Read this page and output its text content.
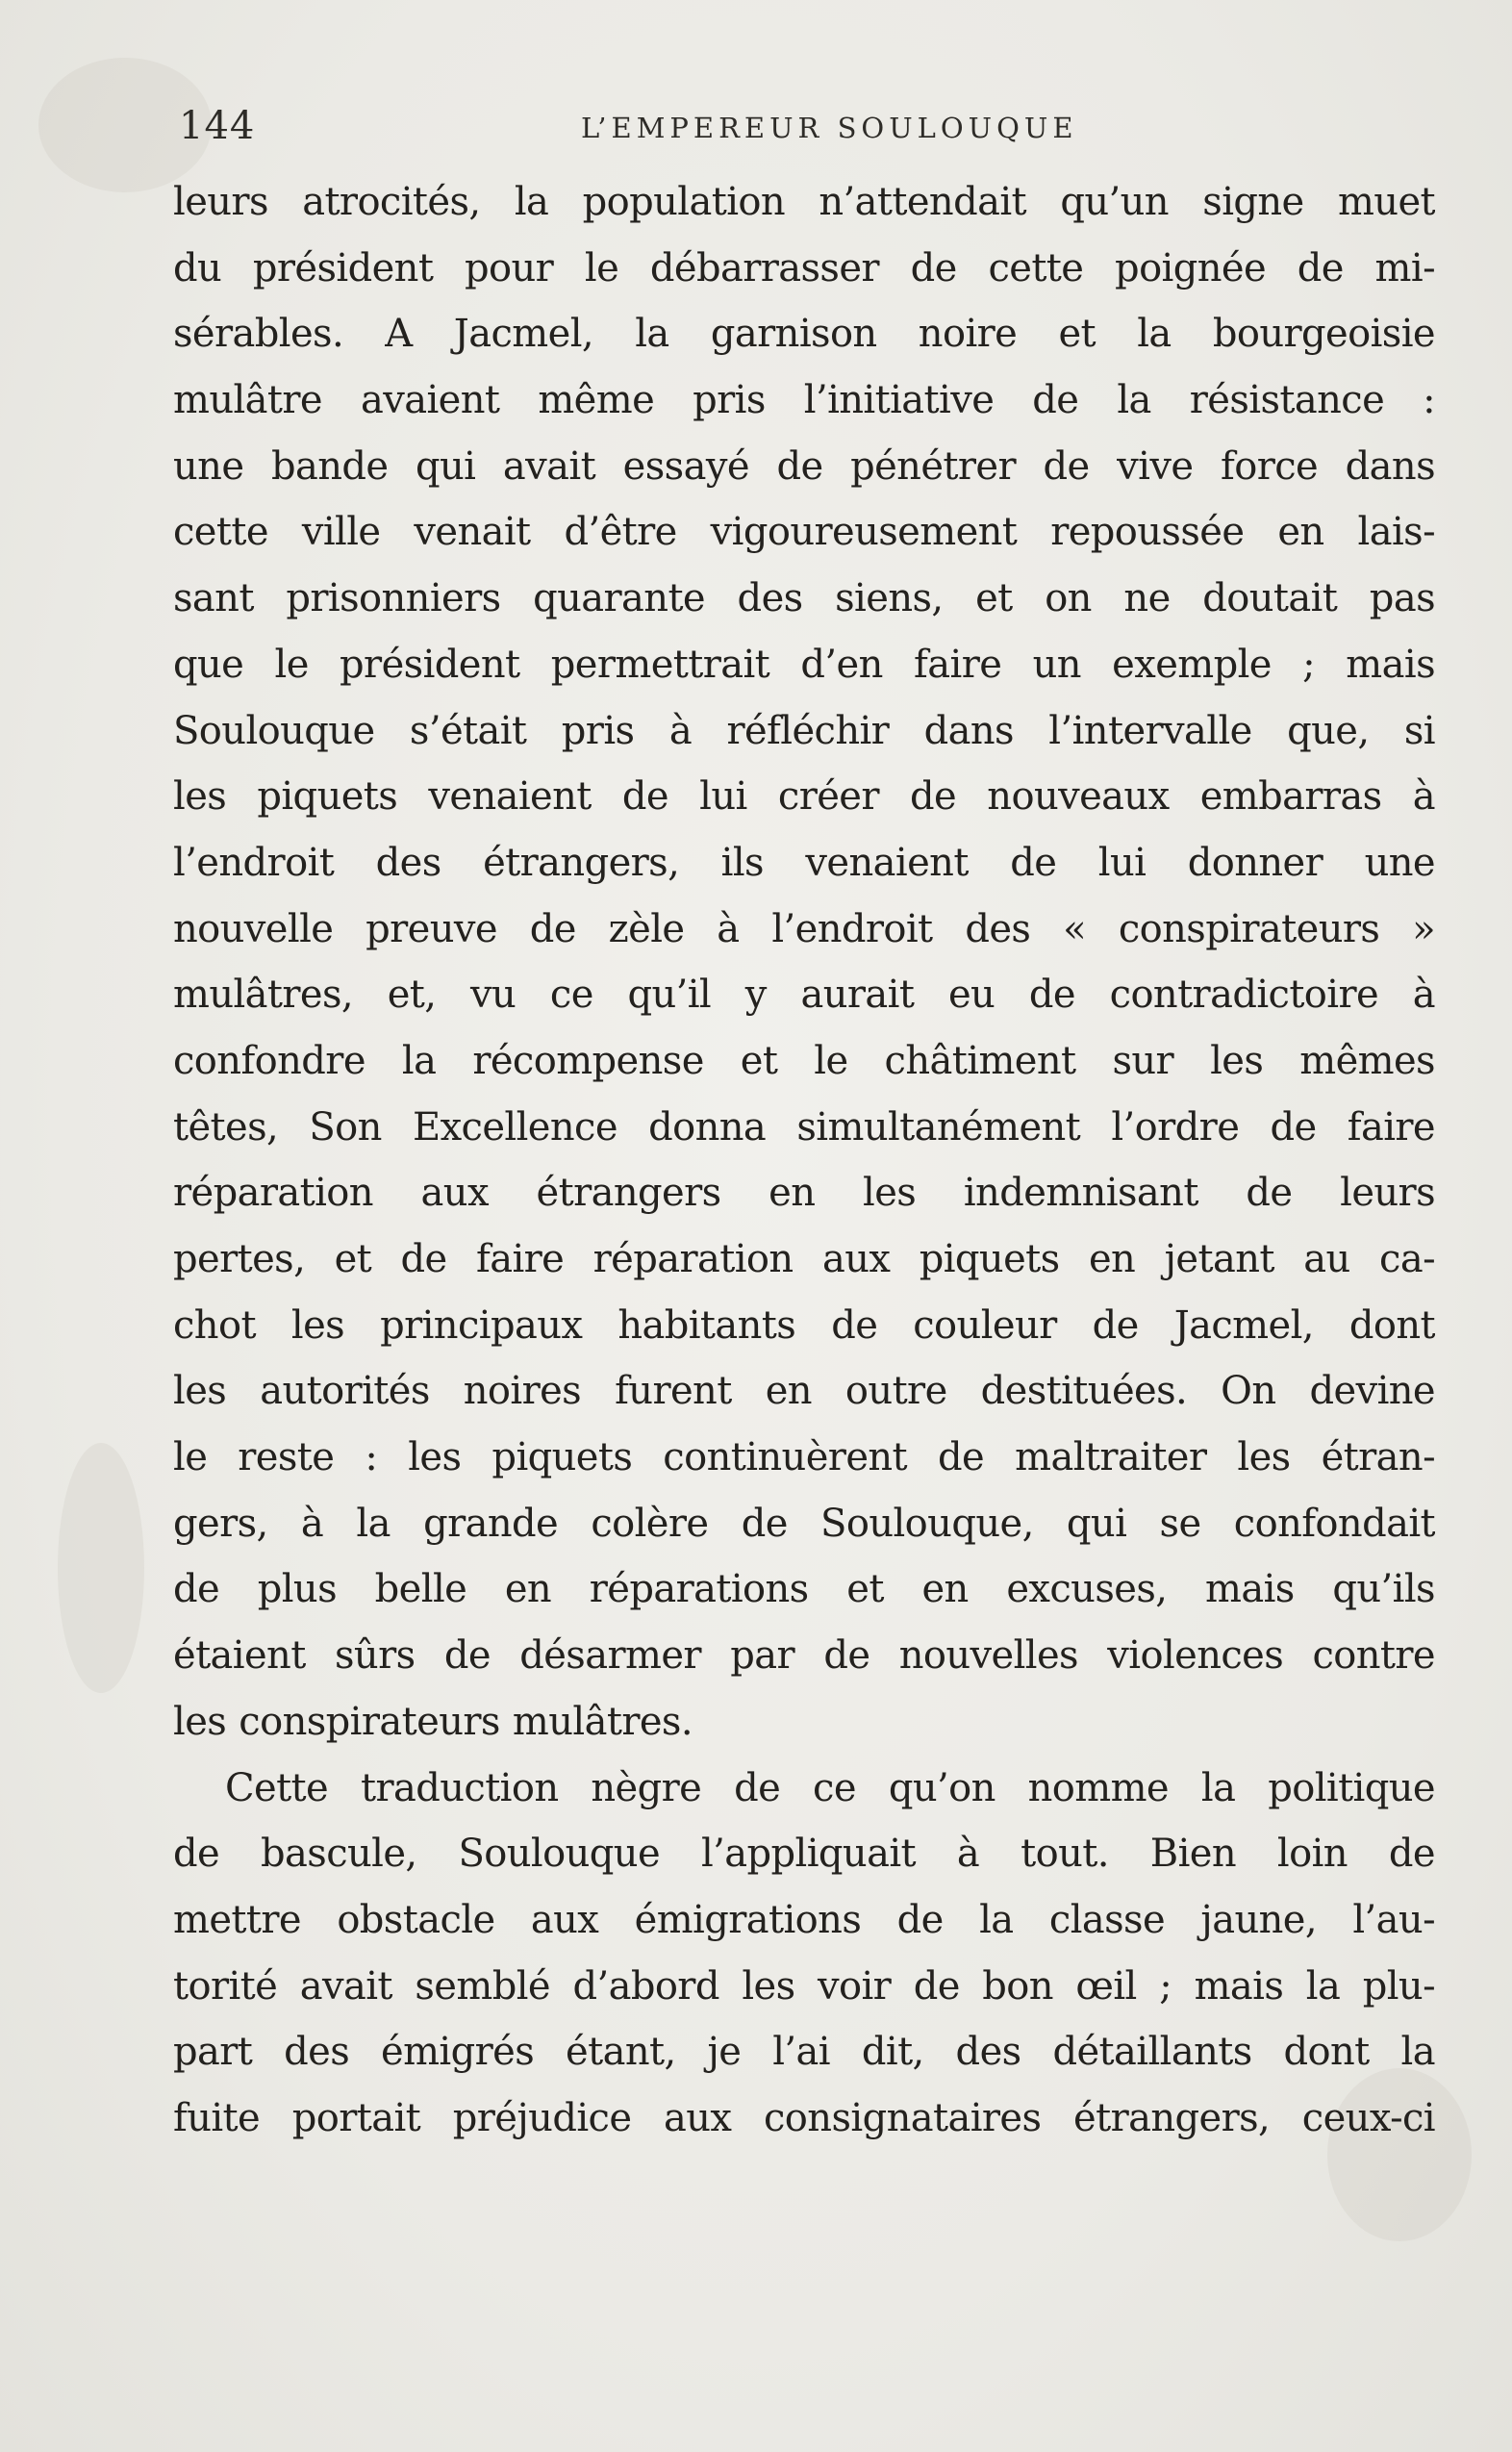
144	L’EMPEREUR SOULOUQUE
leurs atrocités, la population n’attendait qu’un signe muet
du président pour le débarrasser de cette poignée de mi-
sérables. A Jacmel, la garnison noire et la bourgeoisie
mulâtre avaient même pris l’initiative de la résistance :
une bande qui avait essayé de pénétrer de vive force dans
cette ville venait d’être vigoureusement repoussée en lais-
sant prisonniers quarante des siens, et on ne doutait pas
que le président permettrait d’en faire un exemple ; mais
Soulouque s’était pris à réfléchir dans l’intervalle que, si
les piquets venaient de lui créer de nouveaux embarras à
l’endroit des étrangers, ils venaient de lui donner une
nouvelle preuve de zèle à l’endroit des « conspirateurs »
mulâtres, et, vu ce qu’il y aurait eu de contradictoire à
confondre la récompense et le châtiment sur les mêmes
têtes, Son Excellence donna simultanément l’ordre de faire
réparation aux étrangers en les indemnisant de leurs
pertes, et de faire réparation aux piquets en jetant au ca-
chot les principaux habitants de couleur de Jacmel, dont
les autorités noires furent en outre destituées. On devine
le reste : les piquets continuèrent de maltraiter les étran-
gers, à la grande colère de Soulouque, qui se confondait
de plus belle en réparations et en excuses, mais qu’ils
étaient sûrs de désarmer par de nouvelles violences contre
les conspirateurs mulâtres.
Cette traduction nègre de ce qu’on nomme la politique
de bascule, Soulouque l’appliquait à tout. Bien loin de
mettre obstacle aux émigrations de la classe jaune, l’au-
torité avait semblé d’abord les voir de bon œil ; mais la plu-
part des émigrés étant, je l’ai dit, des détaillants dont la
fuite portait préjudice aux consignataires étrangers, ceux-ci
